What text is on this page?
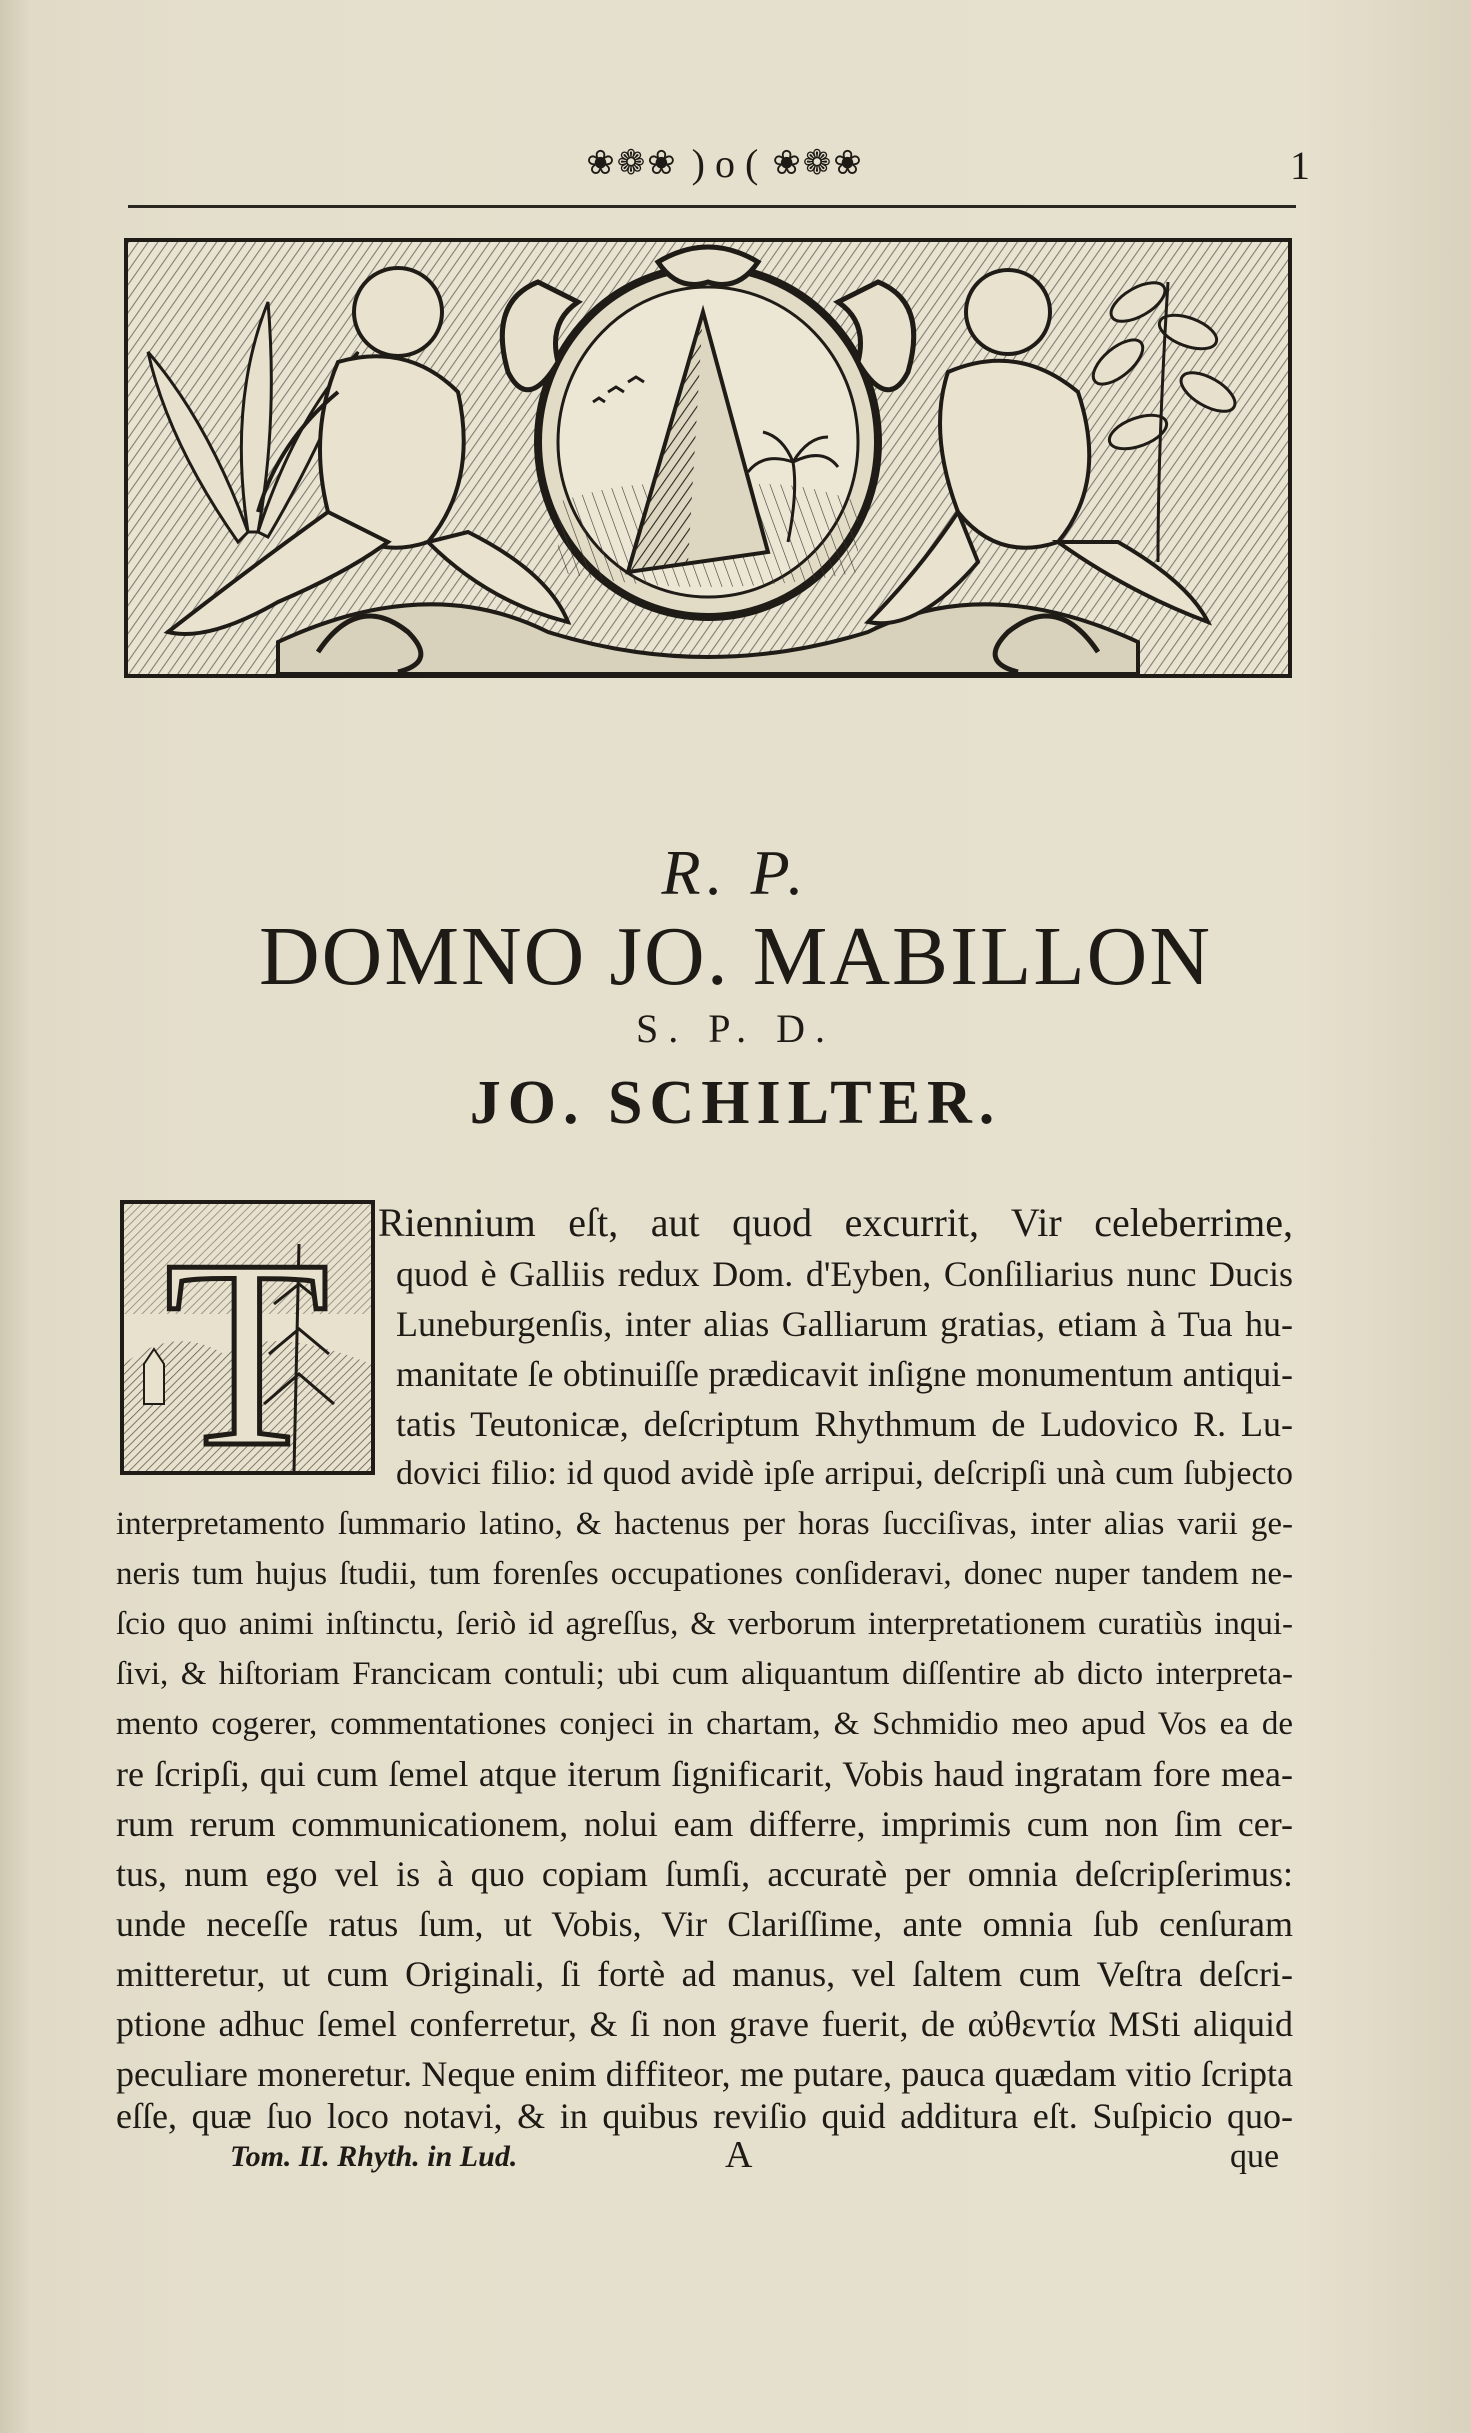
❀❁❀ ) o ( ❀❁❀	1
R. P.
DOMNO JO. MABILLON
S. P. D.
JO. SCHILTER.
T Riennium eſt, aut quod excurrit, Vir celeberrime,
quod è Galliis redux Dom. d'Eyben, Conſiliarius nunc Ducis
Luneburgenſis, inter alias Galliarum gratias, etiam à Tua hu-
manitate ſe obtinuiſſe prædicavit inſigne monumentum antiqui-
tatis Teutonicæ, deſcriptum Rhythmum de Ludovico R. Lu-
dovici filio: id quod avidè ipſe arripui, deſcripſi unà cum ſubjecto
interpretamento ſummario latino, & hactenus per horas ſucciſivas, inter alias varii ge-
neris tum hujus ſtudii, tum forenſes occupationes conſideravi, donec nuper tandem ne-
ſcio quo animi inſtinctu, ſeriò id agreſſus, & verborum interpretationem curatiùs inqui-
ſivi, & hiſtoriam Francicam contuli; ubi cum aliquantum diſſentire ab dicto interpreta-
mento cogerer, commentationes conjeci in chartam, & Schmidio meo apud Vos ea de
re ſcripſi, qui cum ſemel atque iterum ſignificarit, Vobis haud ingratam fore mea-
rum rerum communicationem, nolui eam differre, imprimis cum non ſim cer-
tus, num ego vel is à quo copiam ſumſi, accuratè per omnia deſcripſerimus:
unde neceſſe ratus ſum, ut Vobis, Vir Clariſſime, ante omnia ſub cenſuram
mitteretur, ut cum Originali, ſi fortè ad manus, vel ſaltem cum Veſtra deſcri-
ptione adhuc ſemel conferretur, & ſi non grave fuerit, de αὐθεντία MSti aliquid
peculiare moneretur. Neque enim diffiteor, me putare, pauca quædam vitio ſcripta
eſſe, quæ ſuo loco notavi, & in quibus reviſio quid additura eſt. Suſpicio quo-
Tom. II. Rhyth. in Lud.	A	que
